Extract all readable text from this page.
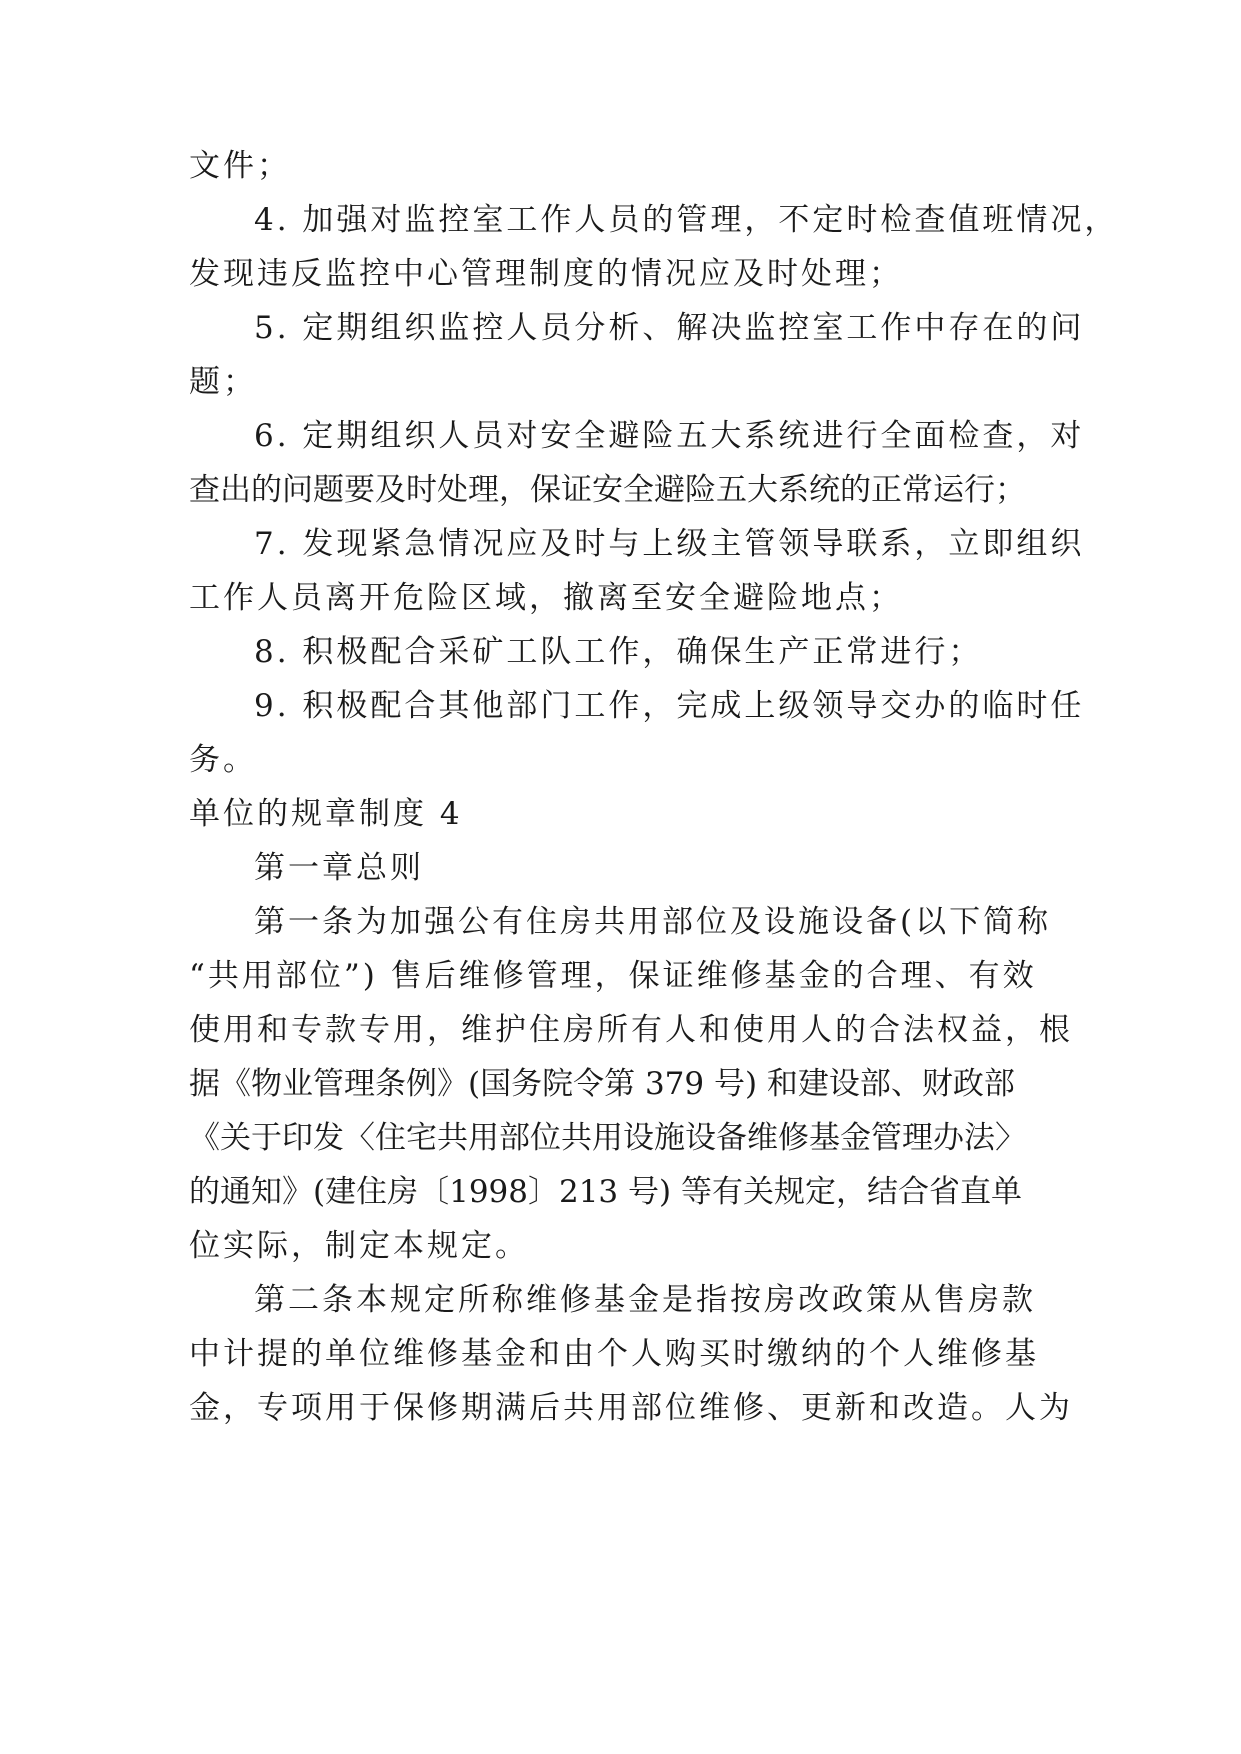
文件；
4. 加强对监控室工作人员的管理，不定时检查值班情况，
发现违反监控中心管理制度的情况应及时处理；
5. 定期组织监控人员分析、解决监控室工作中存在的问
题；
6. 定期组织人员对安全避险五大系统进行全面检查，对
查出的问题要及时处理，保证安全避险五大系统的正常运行；
7. 发现紧急情况应及时与上级主管领导联系，立即组织
工作人员离开危险区域，撤离至安全避险地点；
8. 积极配合采矿工队工作，确保生产正常进行；
9. 积极配合其他部门工作，完成上级领导交办的临时任
务。
单位的规章制度 4
第一章总则
第一条为加强公有住房共用部位及设施设备(以下简称
“共用部位”) 售后维修管理，保证维修基金的合理、有效
使用和专款专用，维护住房所有人和使用人的合法权益，根
据《物业管理条例》(国务院令第 379 号) 和建设部、财政部
《关于印发〈住宅共用部位共用设施设备维修基金管理办法〉
的通知》(建住房〔1998〕213 号) 等有关规定，结合省直单
位实际，制定本规定。
第二条本规定所称维修基金是指按房改政策从售房款
中计提的单位维修基金和由个人购买时缴纳的个人维修基
金，专项用于保修期满后共用部位维修、更新和改造。人为
